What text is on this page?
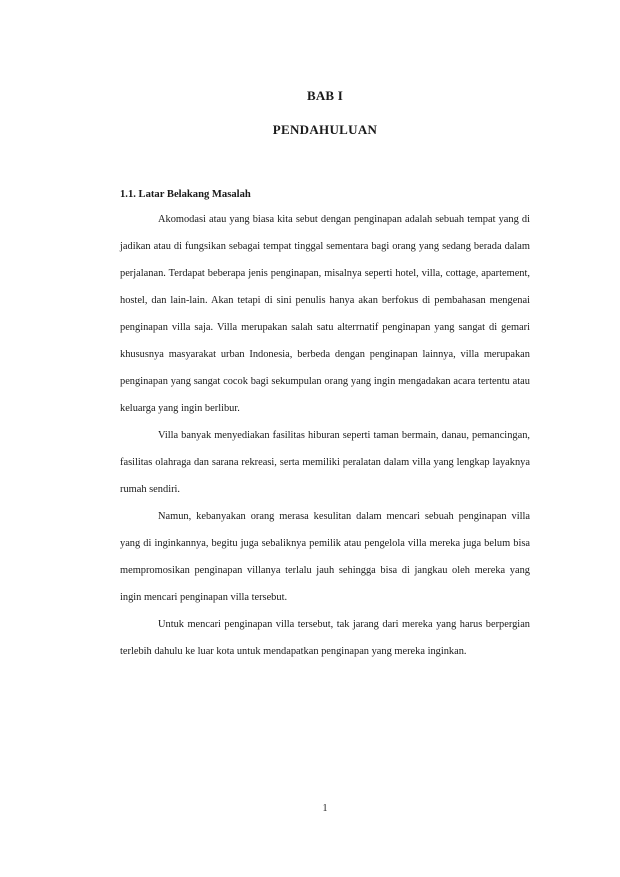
BAB I
PENDAHULUAN

1.1. Latar Belakang Masalah

Akomodasi atau yang biasa kita sebut dengan penginapan adalah sebuah tempat yang di jadikan atau di fungsikan sebagai tempat tinggal sementara bagi orang yang sedang berada dalam perjalanan. Terdapat beberapa jenis penginapan, misalnya seperti hotel, villa, cottage, apartement, hostel, dan lain-lain. Akan tetapi di sini penulis hanya akan berfokus di pembahasan mengenai penginapan villa saja. Villa merupakan salah satu alterrnatif penginapan yang sangat di gemari khususnya masyarakat urban Indonesia, berbeda dengan penginapan lainnya, villa merupakan penginapan yang sangat cocok bagi sekumpulan orang yang ingin mengadakan acara tertentu atau keluarga yang ingin berlibur.

Villa banyak menyediakan fasilitas hiburan seperti taman bermain, danau, pemancingan, fasilitas olahraga dan sarana rekreasi, serta memiliki peralatan dalam villa yang lengkap layaknya rumah sendiri.

Namun, kebanyakan orang merasa kesulitan dalam mencari sebuah penginapan villa yang di inginkannya, begitu juga sebaliknya pemilik atau pengelola villa mereka juga belum bisa mempromosikan penginapan villanya terlalu jauh sehingga bisa di jangkau oleh mereka yang ingin mencari penginapan villa tersebut.

Untuk mencari penginapan villa tersebut, tak jarang dari mereka yang harus berpergian terlebih dahulu ke luar kota untuk mendapatkan penginapan yang mereka inginkan.

1
